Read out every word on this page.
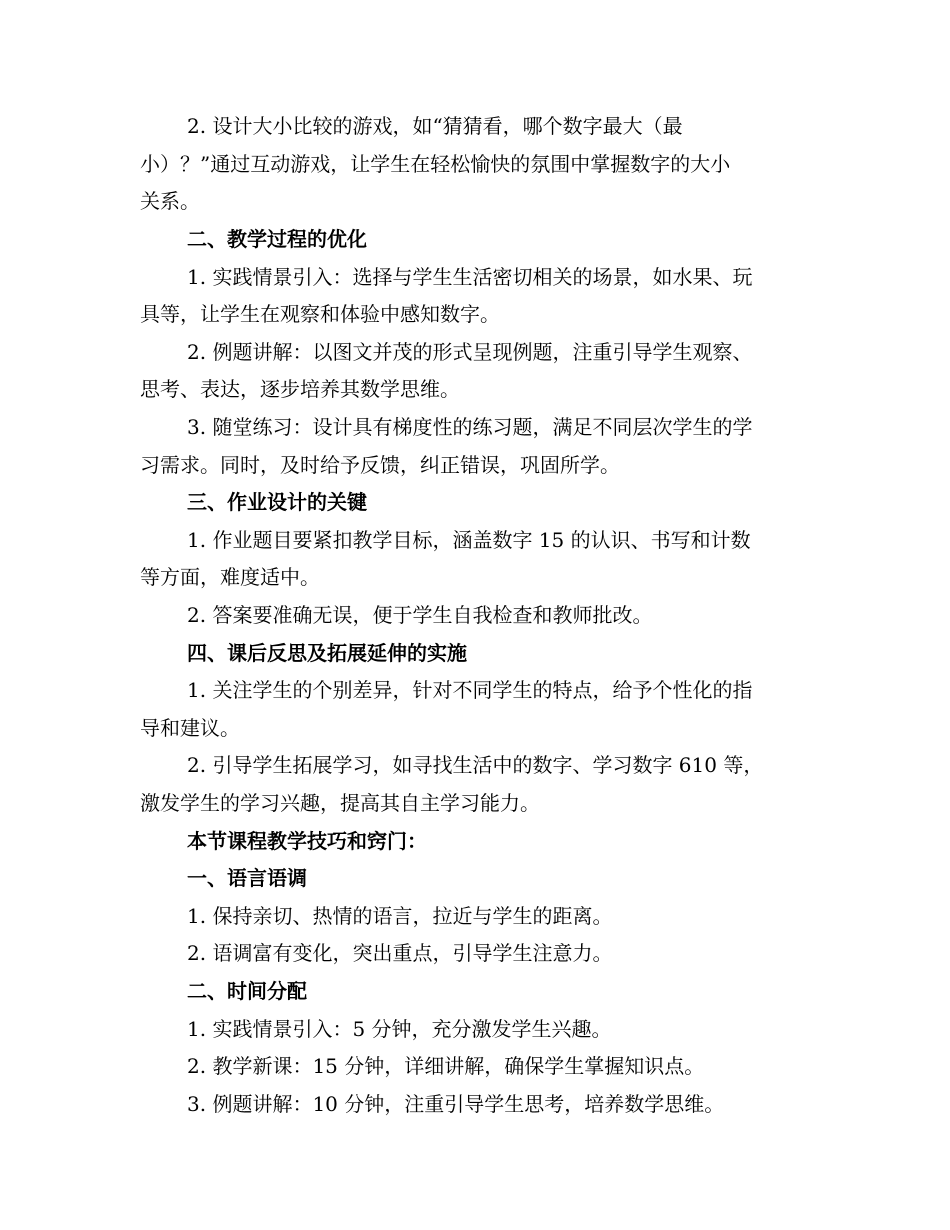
2. 设计大小比较的游戏，如“猜猜看，哪个数字最大（最
小）？”通过互动游戏，让学生在轻松愉快的氛围中掌握数字的大小
关系。
二、教学过程的优化
1. 实践情景引入：选择与学生生活密切相关的场景，如水果、玩
具等，让学生在观察和体验中感知数字。
2. 例题讲解：以图文并茂的形式呈现例题，注重引导学生观察、
思考、表达，逐步培养其数学思维。
3. 随堂练习：设计具有梯度性的练习题，满足不同层次学生的学
习需求。同时，及时给予反馈，纠正错误，巩固所学。
三、作业设计的关键
1. 作业题目要紧扣教学目标，涵盖数字 15 的认识、书写和计数
等方面，难度适中。
2. 答案要准确无误，便于学生自我检查和教师批改。
四、课后反思及拓展延伸的实施
1. 关注学生的个别差异，针对不同学生的特点，给予个性化的指
导和建议。
2. 引导学生拓展学习，如寻找生活中的数字、学习数字 610 等，
激发学生的学习兴趣，提高其自主学习能力。
本节课程教学技巧和窍门：
一、语言语调
1. 保持亲切、热情的语言，拉近与学生的距离。
2. 语调富有变化，突出重点，引导学生注意力。
二、时间分配
1. 实践情景引入：5 分钟，充分激发学生兴趣。
2. 教学新课：15 分钟，详细讲解，确保学生掌握知识点。
3. 例题讲解：10 分钟，注重引导学生思考，培养数学思维。
